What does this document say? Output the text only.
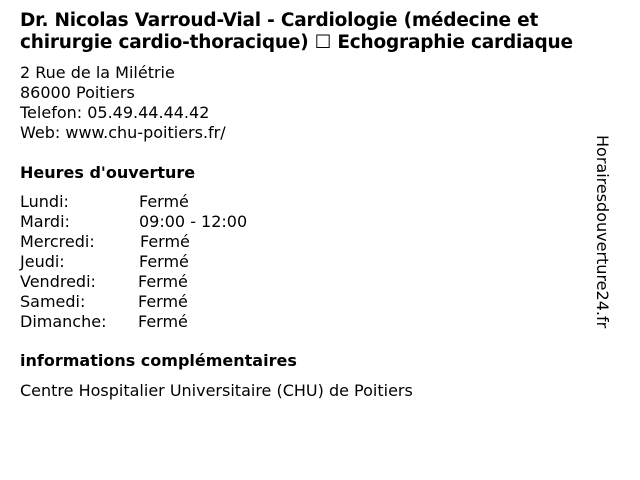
Dr. Nicolas Varroud-Vial - Cardiologie (médecine et
chirurgie cardio-thoracique) ☐ Echographie cardiaque
2 Rue de la Milétrie
86000 Poitiers
Telefon: 05.49.44.44.42
Web: www.chu-poitiers.fr/
Heures d'ouverture
Lundi:	Fermé
Mardi:	09:00 - 12:00
Mercredi:	Fermé
Jeudi:	Fermé
Vendredi:	Fermé
Samedi:	Fermé
Dimanche:	Fermé
informations complémentaires
Centre Hospitalier Universitaire (CHU) de Poitiers
Horairesdouverture24.fr
